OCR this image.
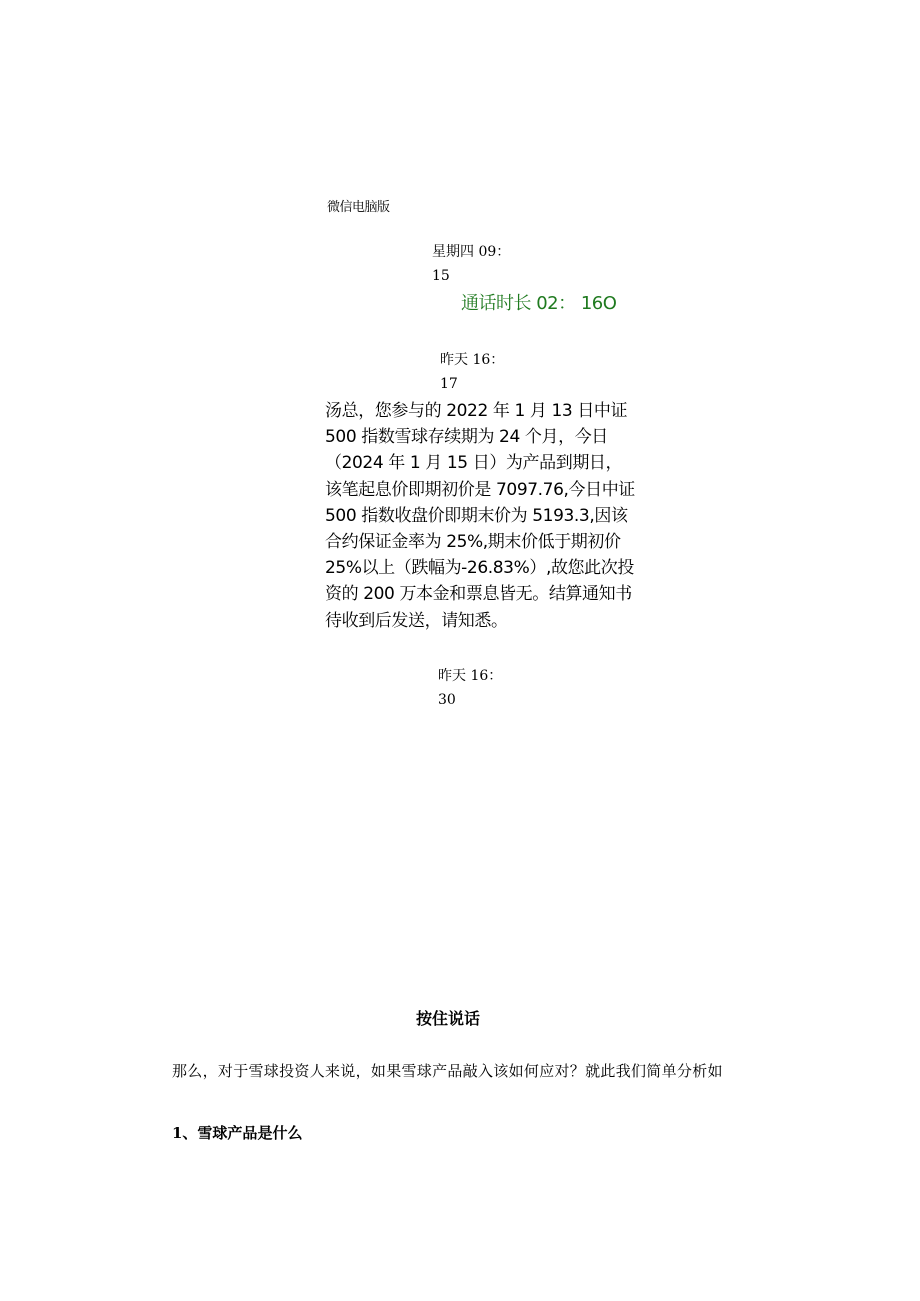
微信电脑版
星期四 09：
15
通话时长 02： 16O
昨天 16：
17
汤总，您参与的 2022 年 1 月 13 日中证 500 指数雪球存续期为 24 个月，今日（2024 年 1 月 15 日）为产品到期日，该笔起息价即期初价是 7097.76,今日中证 500 指数收盘价即期末价为 5193.3,因该合约保证金率为 25%,期末价低于期初价 25%以上（跌幅为-26.83%）,故您此次投资的 200 万本金和票息皆无。结算通知书待收到后发送，请知悉。
昨天 16：
30
按住说话
那么，对于雪球投资人来说，如果雪球产品敲入该如何应对？就此我们简单分析如
1、雪球产品是什么
